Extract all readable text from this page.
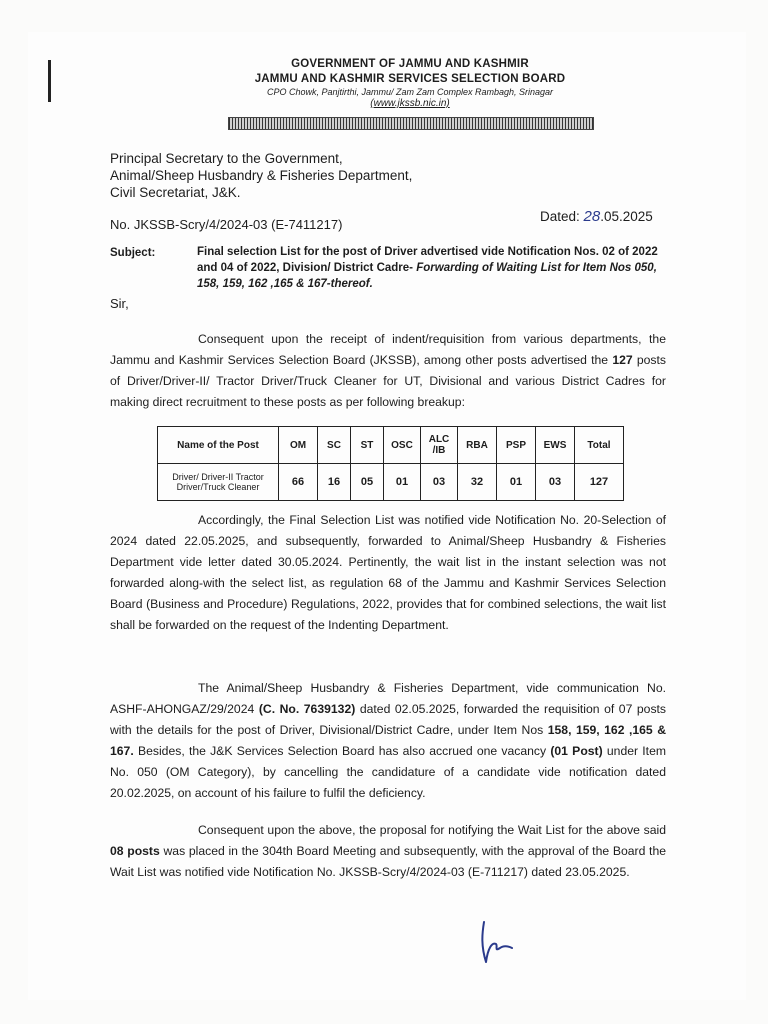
GOVERNMENT OF JAMMU AND KASHMIR
JAMMU AND KASHMIR SERVICES SELECTION BOARD
CPO Chowk, Panjtirthi, Jammu/ Zam Zam Complex Rambagh, Srinagar
(www.jkssb.nic.in)
Principal Secretary to the Government,
Animal/Sheep Husbandry & Fisheries Department,
Civil Secretariat, J&K.
No. JKSSB-Scry/4/2024-03 (E-7411217)
Dated: 28.05.2025
Subject:	Final selection List for the post of Driver advertised vide Notification Nos. 02 of 2022 and 04 of 2022, Division/ District Cadre- Forwarding of Waiting List for Item Nos 050, 158, 159, 162 ,165 & 167-thereof.
Sir,
Consequent upon the receipt of indent/requisition from various departments, the Jammu and Kashmir Services Selection Board (JKSSB), among other posts advertised the 127 posts of Driver/Driver-II/ Tractor Driver/Truck Cleaner for UT, Divisional and various District Cadres for making direct recruitment to these posts as per following breakup:
Name of the Post	OM	SC	ST	OSC	ALC /IB	RBA	PSP	EWS	Total
Driver/ Driver-II Tractor Driver/Truck Cleaner	66	16	05	01	03	32	01	03	127
Accordingly, the Final Selection List was notified vide Notification No. 20-Selection of 2024 dated 22.05.2025, and subsequently, forwarded to Animal/Sheep Husbandry & Fisheries Department vide letter dated 30.05.2024. Pertinently, the wait list in the instant selection was not forwarded along-with the select list, as regulation 68 of the Jammu and Kashmir Services Selection Board (Business and Procedure) Regulations, 2022, provides that for combined selections, the wait list shall be forwarded on the request of the Indenting Department.
The Animal/Sheep Husbandry & Fisheries Department, vide communication No. ASHF-AHONGAZ/29/2024 (C. No. 7639132) dated 02.05.2025, forwarded the requisition of 07 posts with the details for the post of Driver, Divisional/District Cadre, under Item Nos 158, 159, 162 ,165 & 167. Besides, the J&K Services Selection Board has also accrued one vacancy (01 Post) under Item No. 050 (OM Category), by cancelling the candidature of a candidate vide notification dated 20.02.2025, on account of his failure to fulfil the deficiency.
Consequent upon the above, the proposal for notifying the Wait List for the above said 08 posts was placed in the 304th Board Meeting and subsequently, with the approval of the Board the Wait List was notified vide Notification No. JKSSB-Scry/4/2024-03 (E-711217) dated 23.05.2025.
